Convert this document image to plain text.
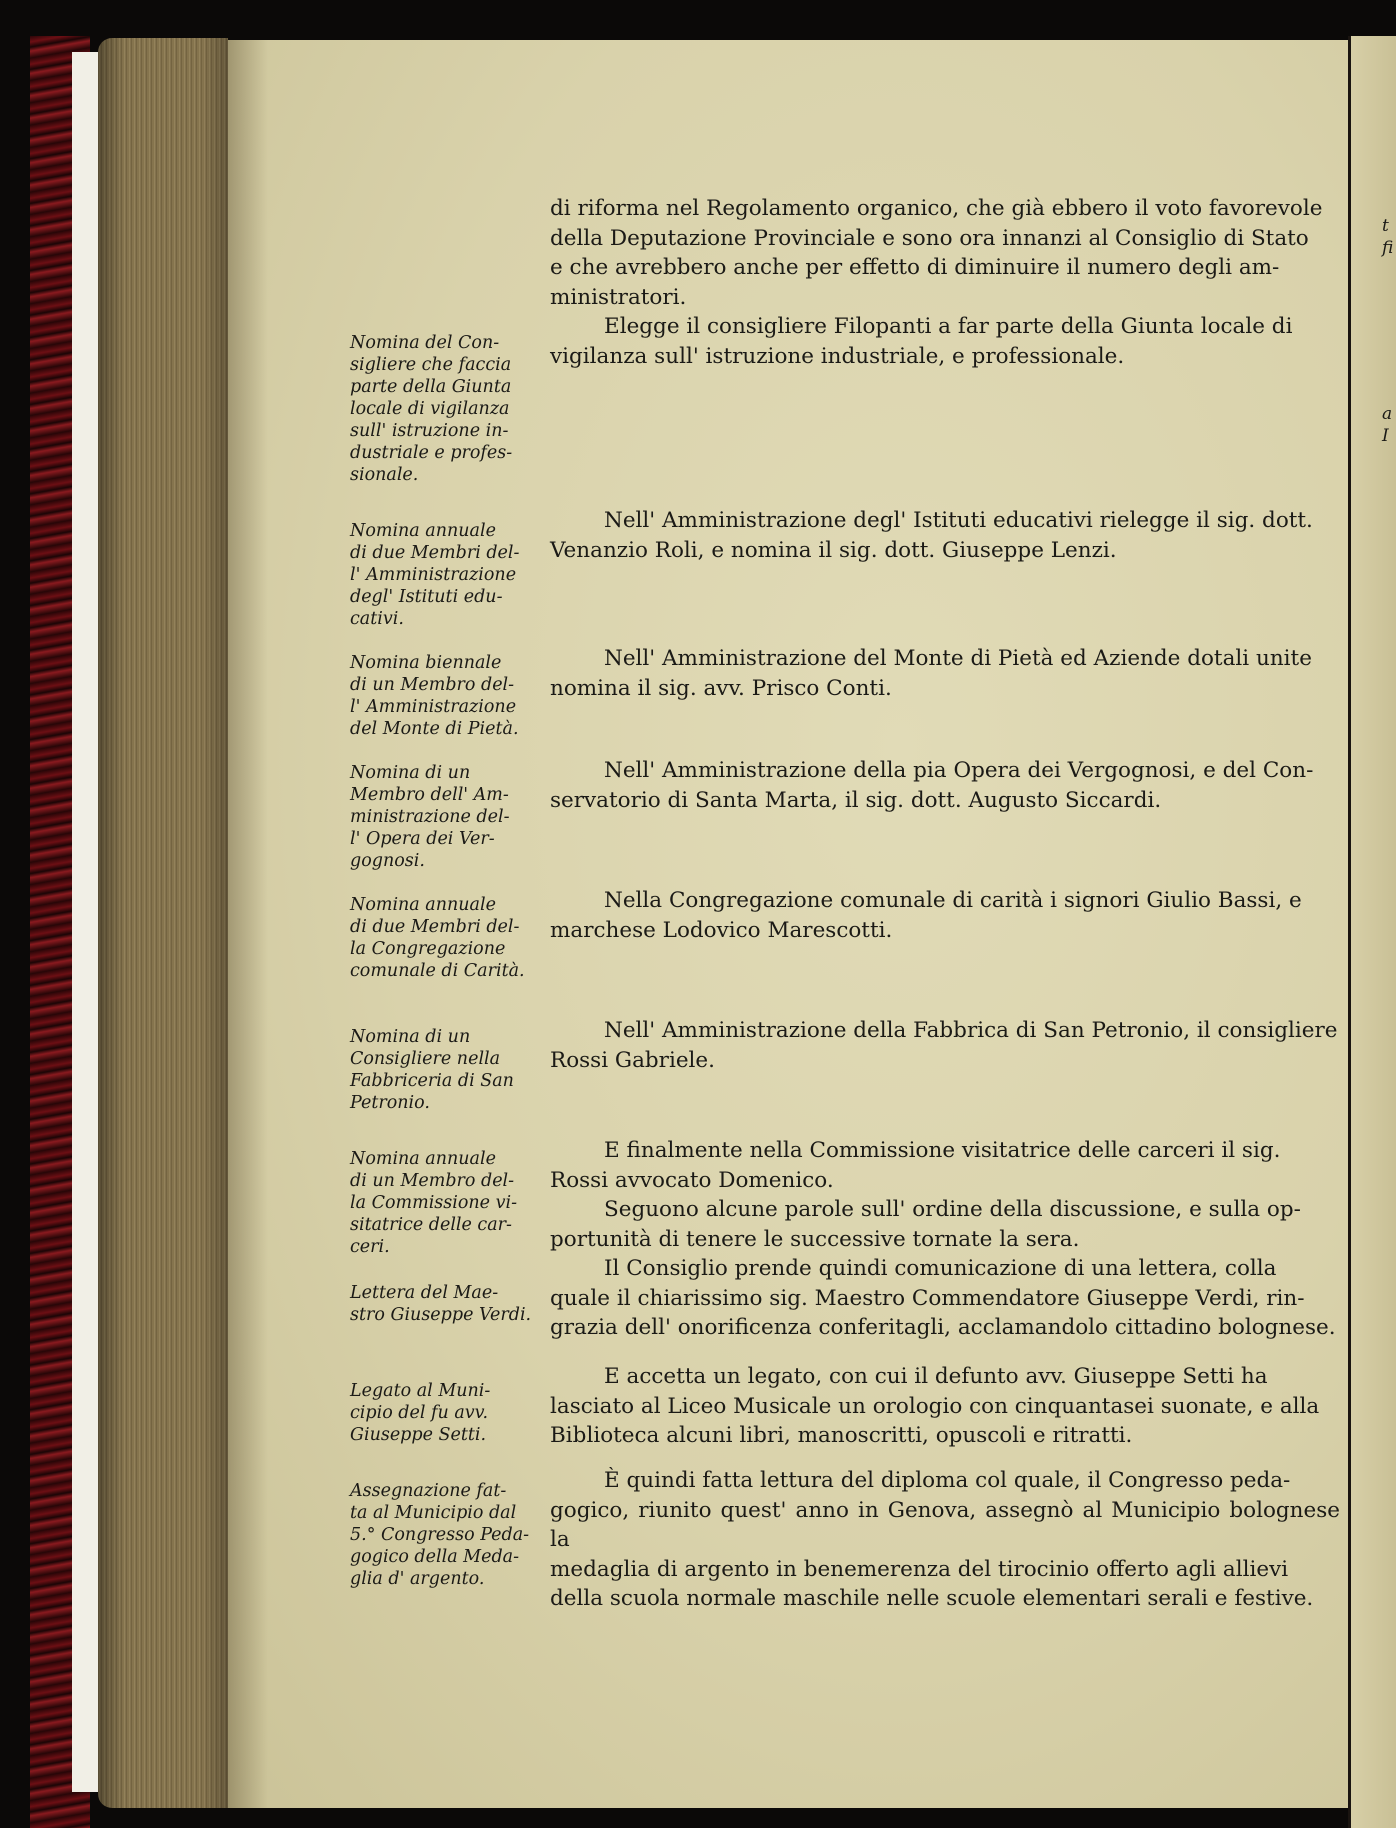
di riforma nel Regolamento organico, che già ebbero il voto favorevole

della Deputazione Provinciale e sono ora innanzi al Consiglio di Stato

e che avrebbero anche per effetto di diminuire il numero degli am-

ministratori.

Elegge il consigliere Filopanti a far parte della Giunta locale di

vigilanza sull' istruzione industriale, e professionale.

Nell' Amministrazione degl' Istituti educativi rielegge il sig. dott.

Venanzio Roli, e nomina il sig. dott. Giuseppe Lenzi.

Nell' Amministrazione del Monte di Pietà ed Aziende dotali unite

nomina il sig. avv. Prisco Conti.

Nell' Amministrazione della pia Opera dei Vergognosi, e del Con-

servatorio di Santa Marta, il sig. dott. Augusto Siccardi.

Nella Congregazione comunale di carità i signori Giulio Bassi, e

marchese Lodovico Marescotti.

Nell' Amministrazione della Fabbrica di San Petronio, il consigliere

Rossi Gabriele.

E finalmente nella Commissione visitatrice delle carceri il sig.

Rossi avvocato Domenico.

Seguono alcune parole sull' ordine della discussione, e sulla op-

portunità di tenere le successive tornate la sera.

Il Consiglio prende quindi comunicazione di una lettera, colla

quale il chiarissimo sig. Maestro Commendatore Giuseppe Verdi, rin-

grazia dell' onorificenza conferitagli, acclamandolo cittadino bolognese.

E accetta un legato, con cui il defunto avv. Giuseppe Setti ha

lasciato al Liceo Musicale un orologio con cinquantasei suonate, e alla

Biblioteca alcuni libri, manoscritti, opuscoli e ritratti.

È quindi fatta lettura del diploma col quale, il Congresso peda-

gogico, riunito quest' anno in Genova, assegnò al Municipio bolognese la

medaglia di argento in benemerenza del tirocinio offerto agli allievi

della scuola normale maschile nelle scuole elementari serali e festive.

Nomina del Con-
sigliere che faccia
parte della Giunta
locale di vigilanza
sull' istruzione in-
dustriale e profes-
sionale.
Nomina annuale
di due Membri del-
l' Amministrazione
degl' Istituti edu-
cativi.
Nomina biennale
di un Membro del-
l' Amministrazione
del Monte di Pietà.
Nomina di un
Membro dell' Am-
ministrazione del-
l' Opera dei Ver-
gognosi.
Nomina annuale
di due Membri del-
la Congregazione
comunale di Carità.
Nomina di un
Consigliere nella
Fabbriceria di San
Petronio.
Nomina annuale
di un Membro del-
la Commissione vi-
sitatrice delle car-
ceri.
Lettera del Mae-
stro Giuseppe Verdi.
Legato al Muni-
cipio del fu avv.
Giuseppe Setti.
Assegnazione fat-
ta al Municipio dal
5.° Congresso Peda-
gogico della Meda-
glia d' argento.
t
fi
a
I
